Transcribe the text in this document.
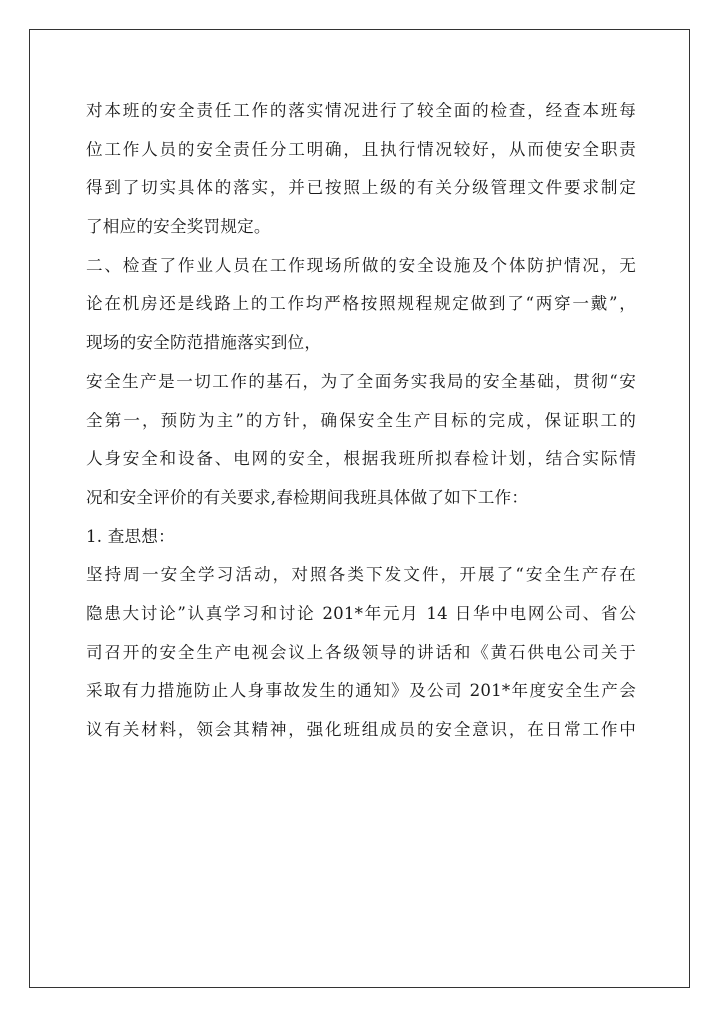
对本班的安全责任工作的落实情况进行了较全面的检查，经查本班每
位工作人员的安全责任分工明确，且执行情况较好，从而使安全职责
得到了切实具体的落实，并已按照上级的有关分级管理文件要求制定
了相应的安全奖罚规定。
二、检查了作业人员在工作现场所做的安全设施及个体防护情况，无
论在机房还是线路上的工作均严格按照规程规定做到了“两穿一戴”，
现场的安全防范措施落实到位，
安全生产是一切工作的基石，为了全面务实我局的安全基础，贯彻“安
全第一，预防为主”的方针，确保安全生产目标的完成，保证职工的
人身安全和设备、电网的安全，根据我班所拟春检计划，结合实际情
况和安全评价的有关要求,春检期间我班具体做了如下工作：
1. 查思想：
坚持周一安全学习活动，对照各类下发文件，开展了“安全生产存在
隐患大讨论”认真学习和讨论 201*年元月 14 日华中电网公司、省公
司召开的安全生产电视会议上各级领导的讲话和《黄石供电公司关于
采取有力措施防止人身事故发生的通知》及公司 201*年度安全生产会
议有关材料，领会其精神，强化班组成员的安全意识，在日常工作中
